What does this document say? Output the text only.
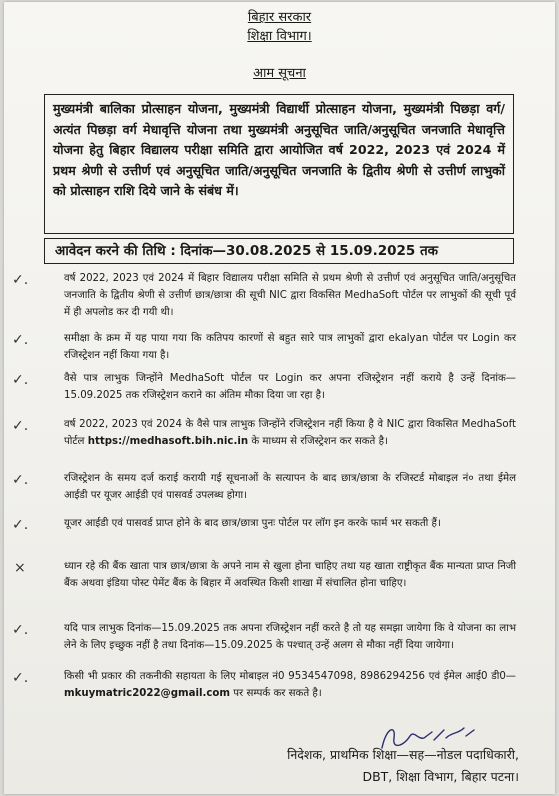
बिहार सरकार
शिक्षा विभाग।
आम सूचना
मुख्यमंत्री बालिका प्रोत्साहन योजना, मुख्यमंत्री विद्यार्थी प्रोत्साहन योजना, मुख्यमंत्री पिछड़ा वर्ग/अत्यंत पिछड़ा वर्ग मेधावृत्ति योजना तथा मुख्यमंत्री अनुसूचित जाति/अनुसूचित जनजाति मेधावृत्ति योजना हेतु बिहार विद्यालय परीक्षा समिति द्वारा आयोजित वर्ष 2022, 2023 एवं 2024 में प्रथम श्रेणी से उत्तीर्ण एवं अनुसूचित जाति/अनुसूचित जनजाति के द्वितीय श्रेणी से उत्तीर्ण लाभुकों को प्रोत्साहन राशि दिये जाने के संबंध में।
आवेदन करने की तिथि : दिनांक—30.08.2025 से 15.09.2025 तक
✓.	वर्ष 2022, 2023 एवं 2024 में बिहार विद्यालय परीक्षा समिति से प्रथम श्रेणी से उत्तीर्ण एवं अनुसूचित जाति/अनुसूचित जनजाति के द्वितीय श्रेणी से उत्तीर्ण छात्र/छात्रा की सूची NIC द्वारा विकसित MedhaSoft पोर्टल पर लाभुकों की सूची पूर्व में ही अपलोड कर दी गयी थी।
✓.	समीक्षा के क्रम में यह पाया गया कि कतिपय कारणों से बहुत सारे पात्र लाभुकों द्वारा ekalyan पोर्टल पर Login कर रजिस्ट्रेशन नहीं किया गया है।
✓.	वैसे पात्र लाभुक जिन्होंने MedhaSoft पोर्टल पर Login कर अपना रजिस्ट्रेशन नहीं कराये है उन्हें दिनांक—15.09.2025 तक रजिस्ट्रेशन कराने का अंतिम मौका दिया जा रहा है।
✓.	वर्ष 2022, 2023 एवं 2024 के वैसे पात्र लाभुक जिन्होंने रजिस्ट्रेशन नहीं किया है वे NIC द्वारा विकसित MedhaSoft पोर्टल https://medhasoft.bih.nic.in के माध्यम से रजिस्ट्रेशन कर सकते है।
✓.	रजिस्ट्रेशन के समय दर्ज कराई करायी गई सूचनाओं के सत्यापन के बाद छात्र/छात्रा के रजिस्टर्ड मोबाइल नं० तथा ईमेल आईडी पर यूजर आईडी एवं पासवर्ड उपलब्ध होगा।
✓.	यूजर आईडी एवं पासवर्ड प्राप्त होने के बाद छात्र/छात्रा पुनः पोर्टल पर लॉग इन करके फार्म भर सकती हैं।
×	ध्यान रहे की बैंक खाता पात्र छात्र/छात्रा के अपने नाम से खुला होना चाहिए तथा यह खाता राष्ट्रीकृत बैंक मान्यता प्राप्त निजी बैंक अथवा इंडिया पोस्ट पेमेंट बैंक के बिहार में अवस्थित किसी शाखा में संचालित होना चाहिए।
✓.	यदि पात्र लाभुक दिनांक—15.09.2025 तक अपना रजिस्ट्रेशन नहीं करते है तो यह समझा जायेगा कि वे योजना का लाभ लेने के लिए इच्छुक नहीं है तथा दिनांक—15.09.2025 के पश्चात् उन्हें अलग से मौका नहीं दिया जायेगा।
✓.	किसी भी प्रकार की तकनीकी सहायता के लिए मोबाइल नं0 9534547098, 8986294256 एवं ईमेल आई0 डी0—mkuymatric2022@gmail.com पर सम्पर्क कर सकते है।
निदेशक, प्राथमिक शिक्षा—सह—नोडल पदाधिकारी,
DBT, शिक्षा विभाग, बिहार पटना।
